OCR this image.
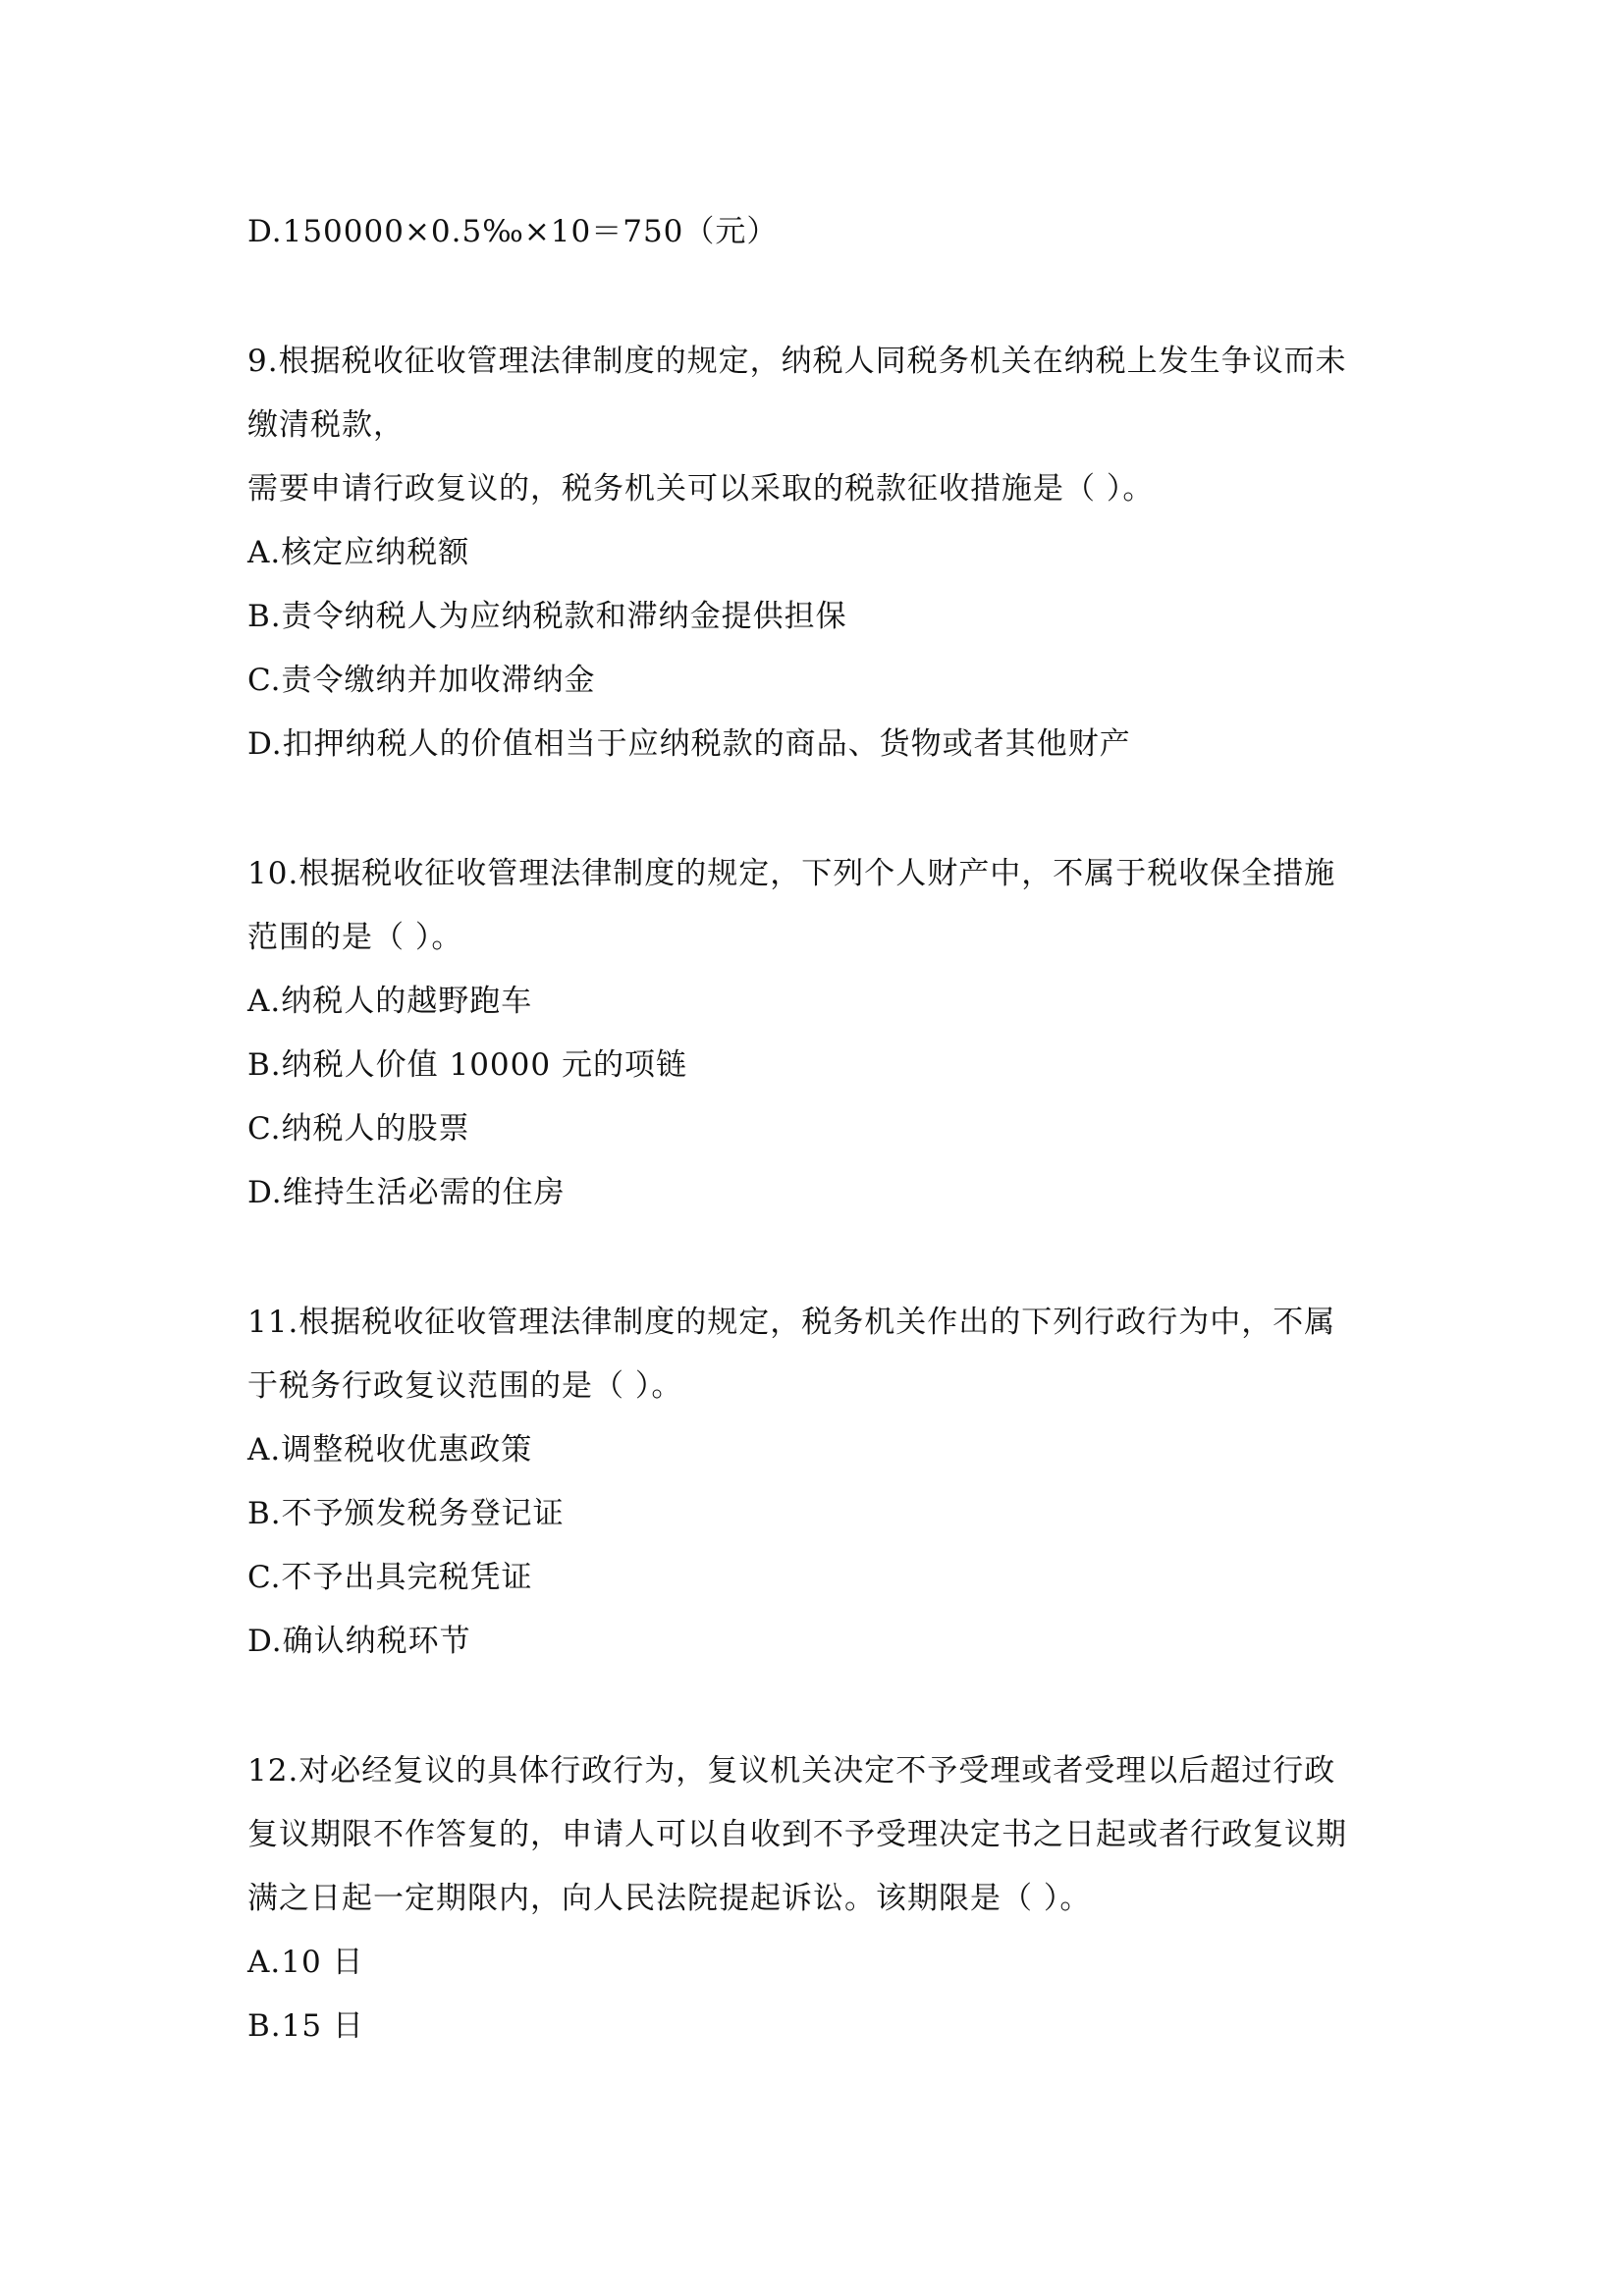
D.150000×0.5‰×10＝750（元）
9.根据税收征收管理法律制度的规定，纳税人同税务机关在纳税上发生争议而未
缴清税款，
需要申请行政复议的，税务机关可以采取的税款征收措施是（ ）。
A.核定应纳税额
B.责令纳税人为应纳税款和滞纳金提供担保
C.责令缴纳并加收滞纳金
D.扣押纳税人的价值相当于应纳税款的商品、货物或者其他财产
10.根据税收征收管理法律制度的规定，下列个人财产中，不属于税收保全措施
范围的是（ ）。
A.纳税人的越野跑车
B.纳税人价值 10000 元的项链
C.纳税人的股票
D.维持生活必需的住房
11.根据税收征收管理法律制度的规定，税务机关作出的下列行政行为中，不属
于税务行政复议范围的是（ ）。
A.调整税收优惠政策
B.不予颁发税务登记证
C.不予出具完税凭证
D.确认纳税环节
12.对必经复议的具体行政行为，复议机关决定不予受理或者受理以后超过行政
复议期限不作答复的，申请人可以自收到不予受理决定书之日起或者行政复议期
满之日起一定期限内，向人民法院提起诉讼。该期限是（ ）。
A.10 日
B.15 日
